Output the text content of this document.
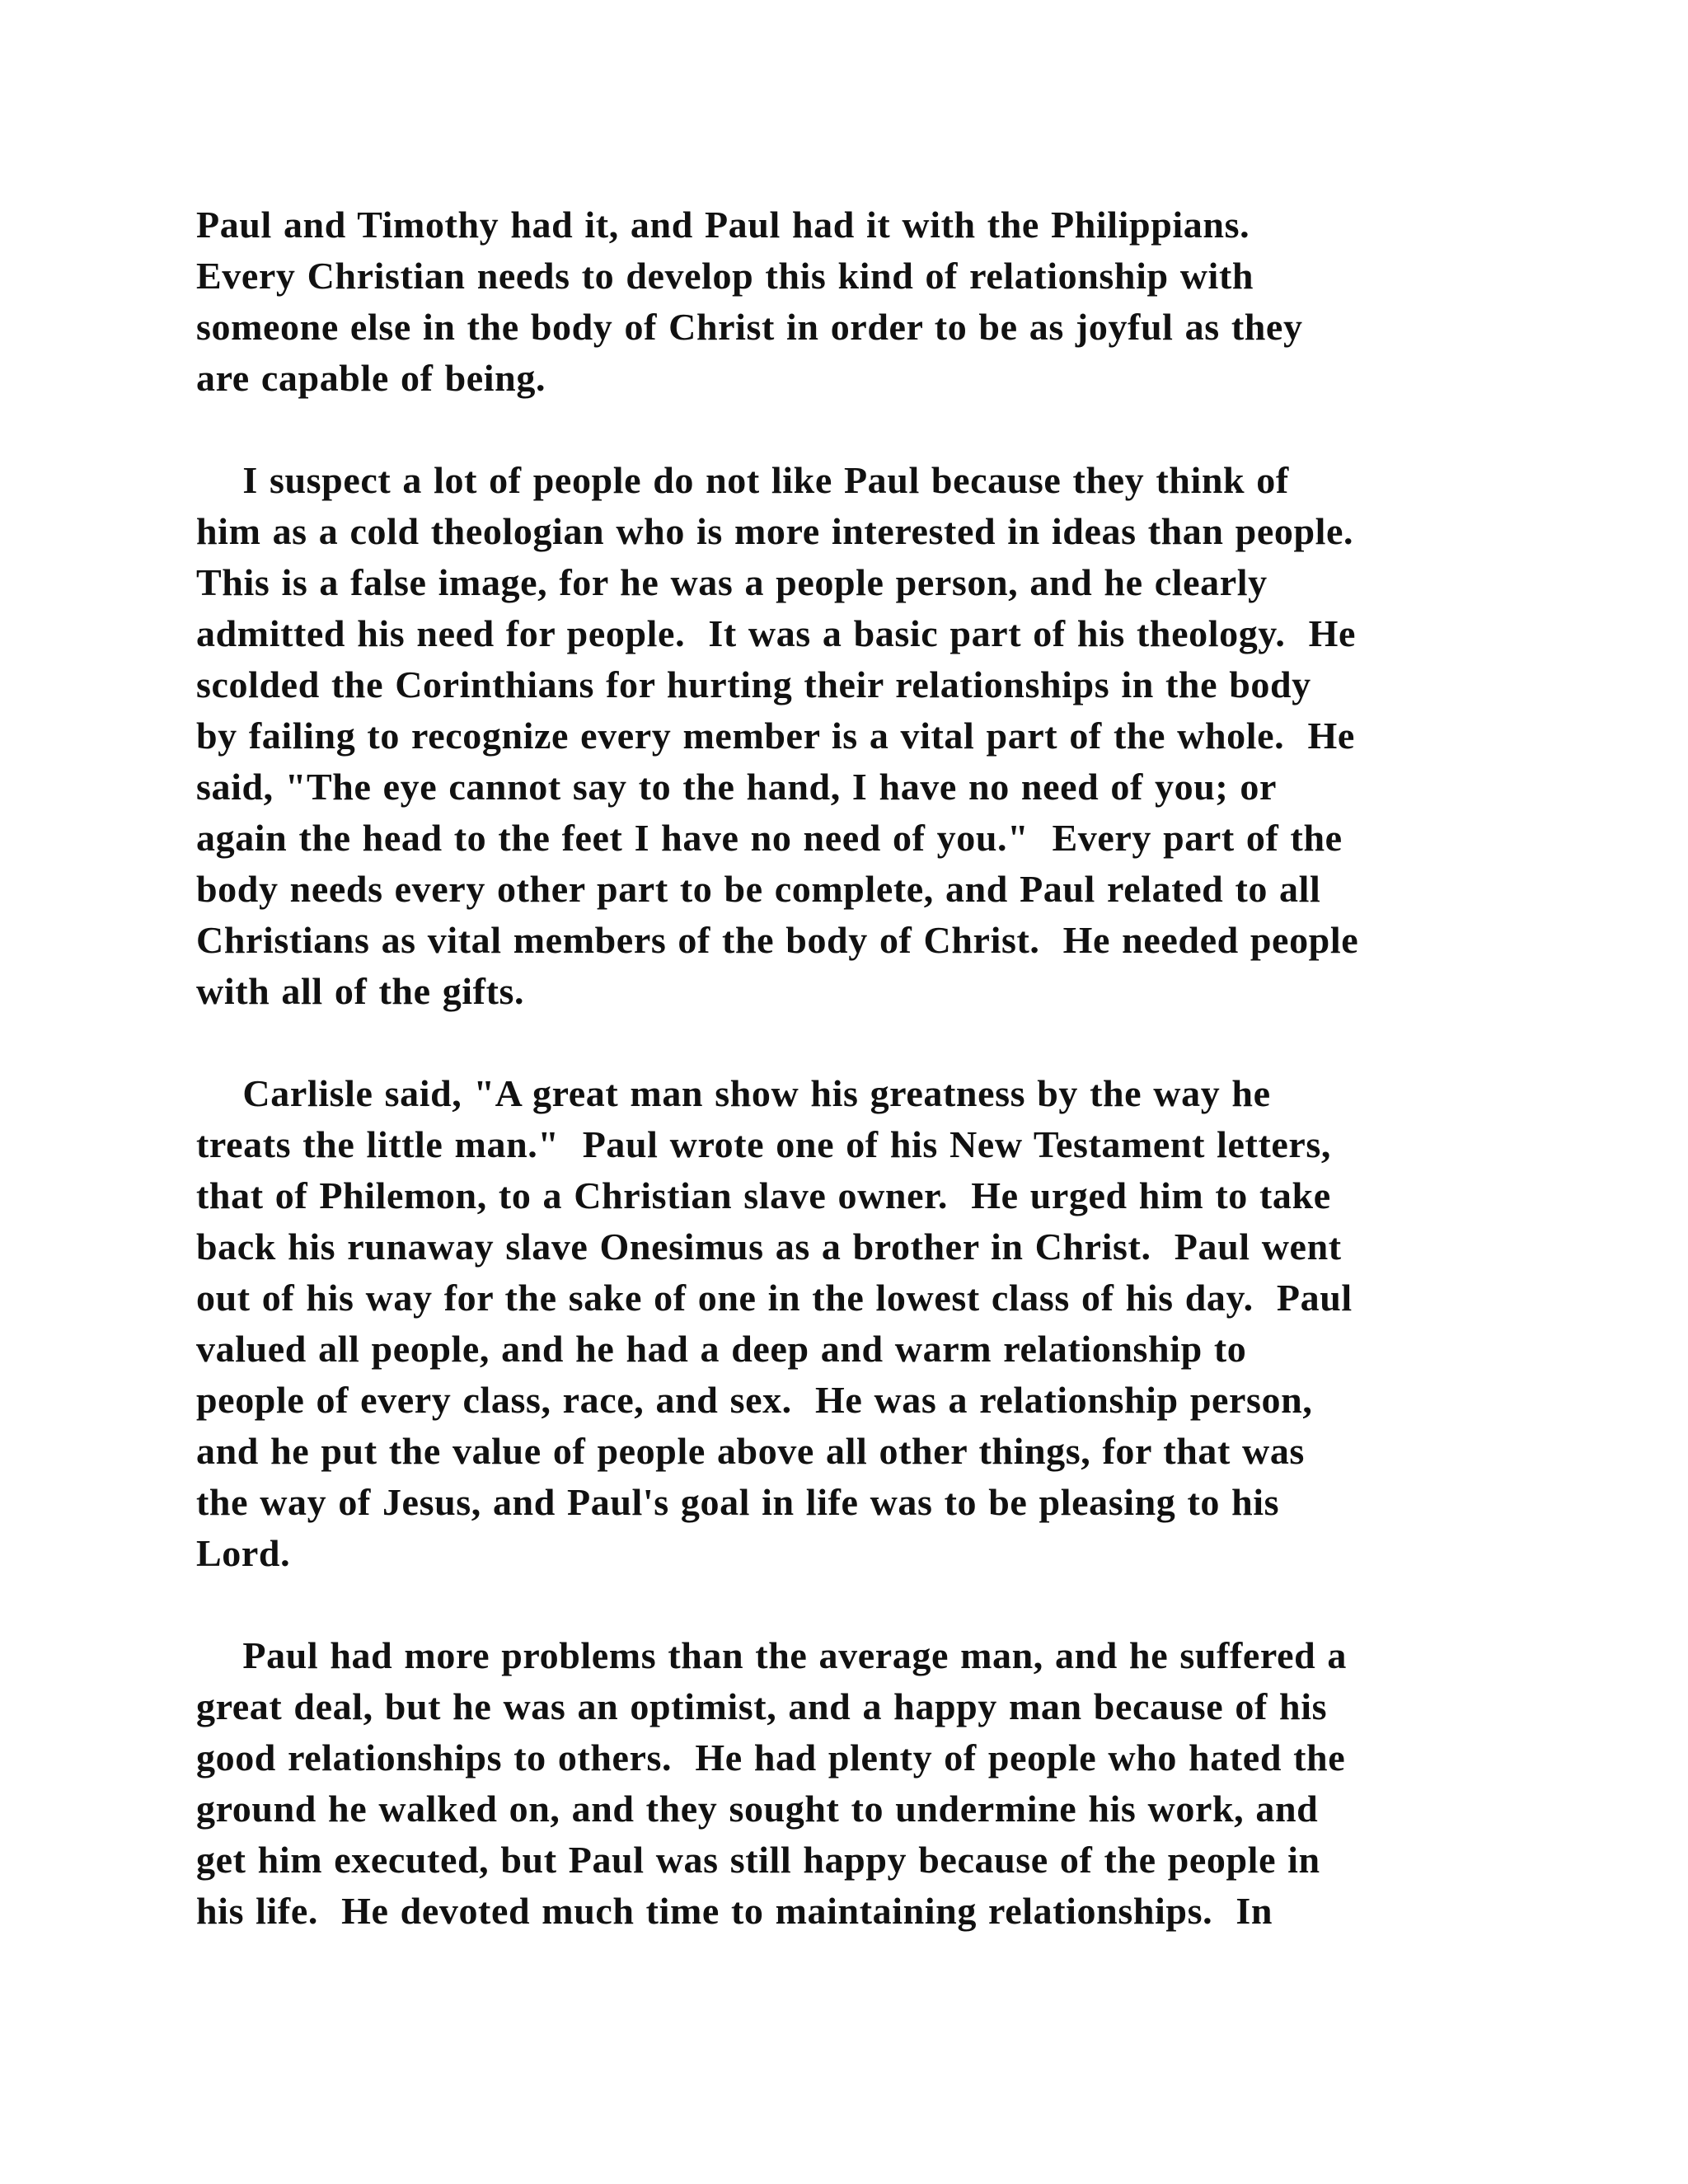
Paul and Timothy had it, and Paul had it with the Philippians.
Every Christian needs to develop this kind of relationship with
someone else in the body of Christ in order to be as joyful as they
are capable of being.
I suspect a lot of people do not like Paul because they think of
him as a cold theologian who is more interested in ideas than people.
This is a false image, for he was a people person, and he clearly
admitted his need for people.  It was a basic part of his theology.  He
scolded the Corinthians for hurting their relationships in the body
by failing to recognize every member is a vital part of the whole.  He
said, "The eye cannot say to the hand, I have no need of you; or
again the head to the feet I have no need of you."  Every part of the
body needs every other part to be complete, and Paul related to all
Christians as vital members of the body of Christ.  He needed people
with all of the gifts.
Carlisle said, "A great man show his greatness by the way he
treats the little man."  Paul wrote one of his New Testament letters,
that of Philemon, to a Christian slave owner.  He urged him to take
back his runaway slave Onesimus as a brother in Christ.  Paul went
out of his way for the sake of one in the lowest class of his day.  Paul
valued all people, and he had a deep and warm relationship to
people of every class, race, and sex.  He was a relationship person,
and he put the value of people above all other things, for that was
the way of Jesus, and Paul's goal in life was to be pleasing to his
Lord.
Paul had more problems than the average man, and he suffered a
great deal, but he was an optimist, and a happy man because of his
good relationships to others.  He had plenty of people who hated the
ground he walked on, and they sought to undermine his work, and
get him executed, but Paul was still happy because of the people in
his life.  He devoted much time to maintaining relationships.  In
